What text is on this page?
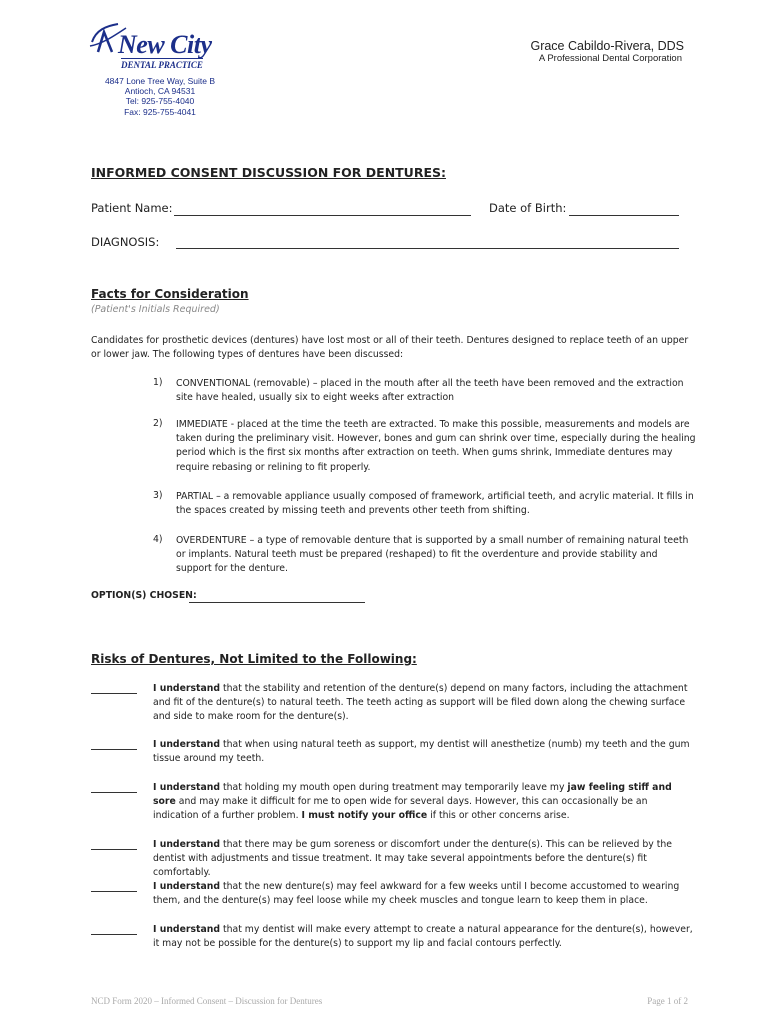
New City
DENTAL PRACTICE
4847 Lone Tree Way, Suite B
Antioch, CA 94531
Tel: 925-755-4040
Fax: 925-755-4041
Grace Cabildo-Rivera, DDS
A Professional Dental Corporation
INFORMED CONSENT DISCUSSION FOR DENTURES:
Patient Name:	Date of Birth:
DIAGNOSIS:
Facts for Consideration
(Patient's Initials Required)
Candidates for prosthetic devices (dentures) have lost most or all of their teeth. Dentures designed to replace teeth of an upper or lower jaw. The following types of dentures have been discussed:
1) CONVENTIONAL (removable) – placed in the mouth after all the teeth have been removed and the extraction site have healed, usually six to eight weeks after extraction
2) IMMEDIATE - placed at the time the teeth are extracted. To make this possible, measurements and models are taken during the preliminary visit. However, bones and gum can shrink over time, especially during the healing period which is the first six months after extraction on teeth. When gums shrink, Immediate dentures may require rebasing or relining to fit properly.
3) PARTIAL – a removable appliance usually composed of framework, artificial teeth, and acrylic material. It fills in the spaces created by missing teeth and prevents other teeth from shifting.
4) OVERDENTURE – a type of removable denture that is supported by a small number of remaining natural teeth or implants. Natural teeth must be prepared (reshaped) to fit the overdenture and provide stability and support for the denture.
OPTION(S) CHOSEN:
Risks of Dentures, Not Limited to the Following:
I understand that the stability and retention of the denture(s) depend on many factors, including the attachment and fit of the denture(s) to natural teeth. The teeth acting as support will be filed down along the chewing surface and side to make room for the denture(s).
I understand that when using natural teeth as support, my dentist will anesthetize (numb) my teeth and the gum tissue around my teeth.
I understand that holding my mouth open during treatment may temporarily leave my jaw feeling stiff and sore and may make it difficult for me to open wide for several days. However, this can occasionally be an indication of a further problem. I must notify your office if this or other concerns arise.
I understand that there may be gum soreness or discomfort under the denture(s). This can be relieved by the dentist with adjustments and tissue treatment. It may take several appointments before the denture(s) fit comfortably.
I understand that the new denture(s) may feel awkward for a few weeks until I become accustomed to wearing them, and the denture(s) may feel loose while my cheek muscles and tongue learn to keep them in place.
I understand that my dentist will make every attempt to create a natural appearance for the denture(s), however, it may not be possible for the denture(s) to support my lip and facial contours perfectly.
NCD Form 2020 – Informed Consent – Discussion for Dentures	Page 1 of 2
